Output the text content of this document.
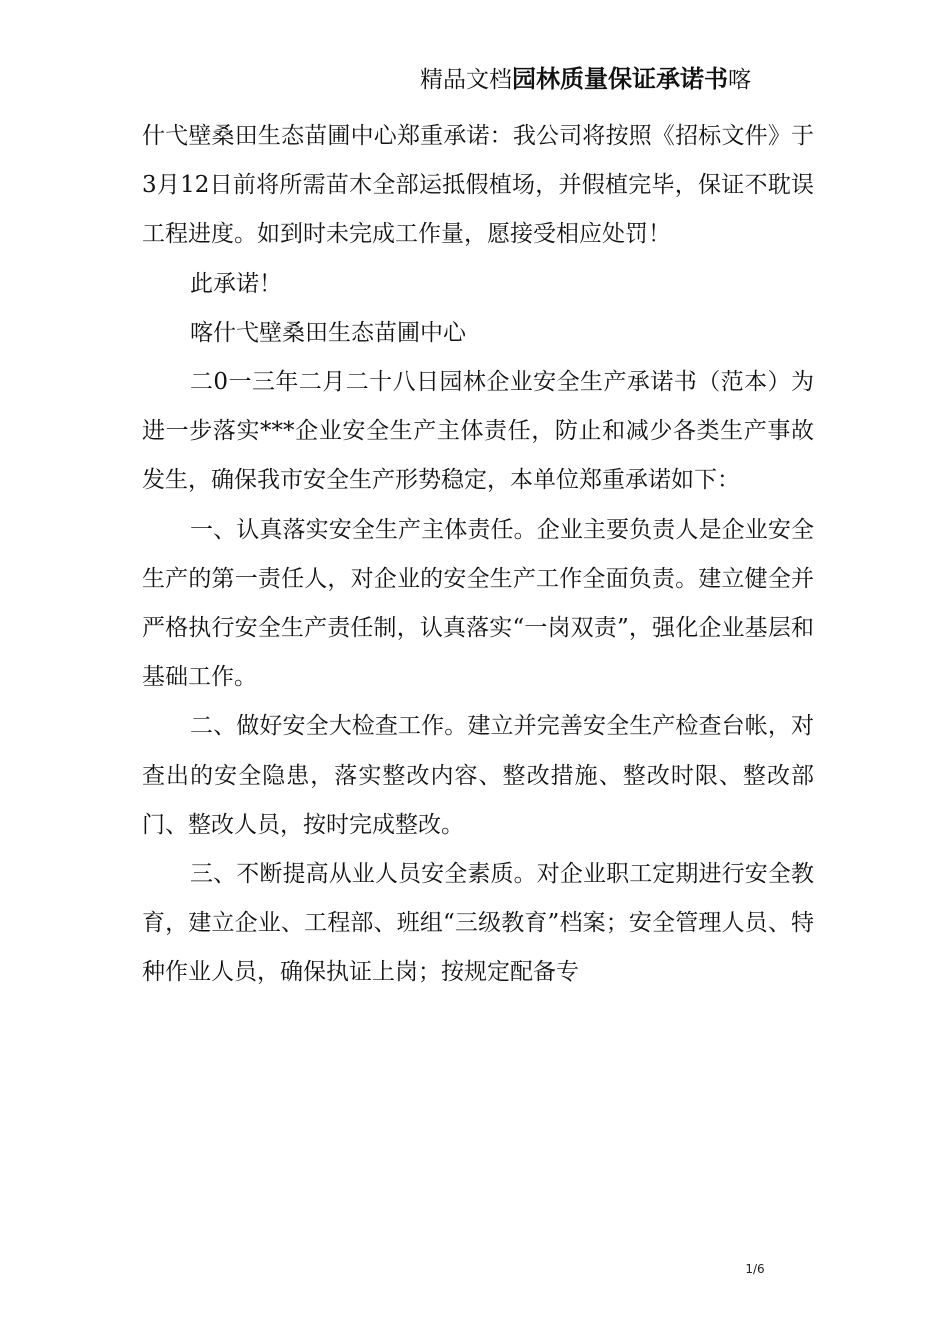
精品文档园林质量保证承诺书喀

什弋壁桑田生态苗圃中心郑重承诺：我公司将按照《招标文件》于3月12日前将所需苗木全部运抵假植场，并假植完毕，保证不耽误工程进度。如到时未完成工作量，愿接受相应处罚！

此承诺！

喀什弋壁桑田生态苗圃中心

二0一三年二月二十八日园林企业安全生产承诺书（范本）为进一步落实***企业安全生产主体责任，防止和减少各类生产事故发生，确保我市安全生产形势稳定，本单位郑重承诺如下：

一、认真落实安全生产主体责任。企业主要负责人是企业安全生产的第一责任人，对企业的安全生产工作全面负责。建立健全并严格执行安全生产责任制，认真落实“一岗双责”，强化企业基层和基础工作。

二、做好安全大检查工作。建立并完善安全生产检查台帐，对查出的安全隐患，落实整改内容、整改措施、整改时限、整改部门、整改人员，按时完成整改。

三、不断提高从业人员安全素质。对企业职工定期进行安全教育，建立企业、工程部、班组“三级教育”档案；安全管理人员、特种作业人员，确保执证上岗；按规定配备专

1/6
